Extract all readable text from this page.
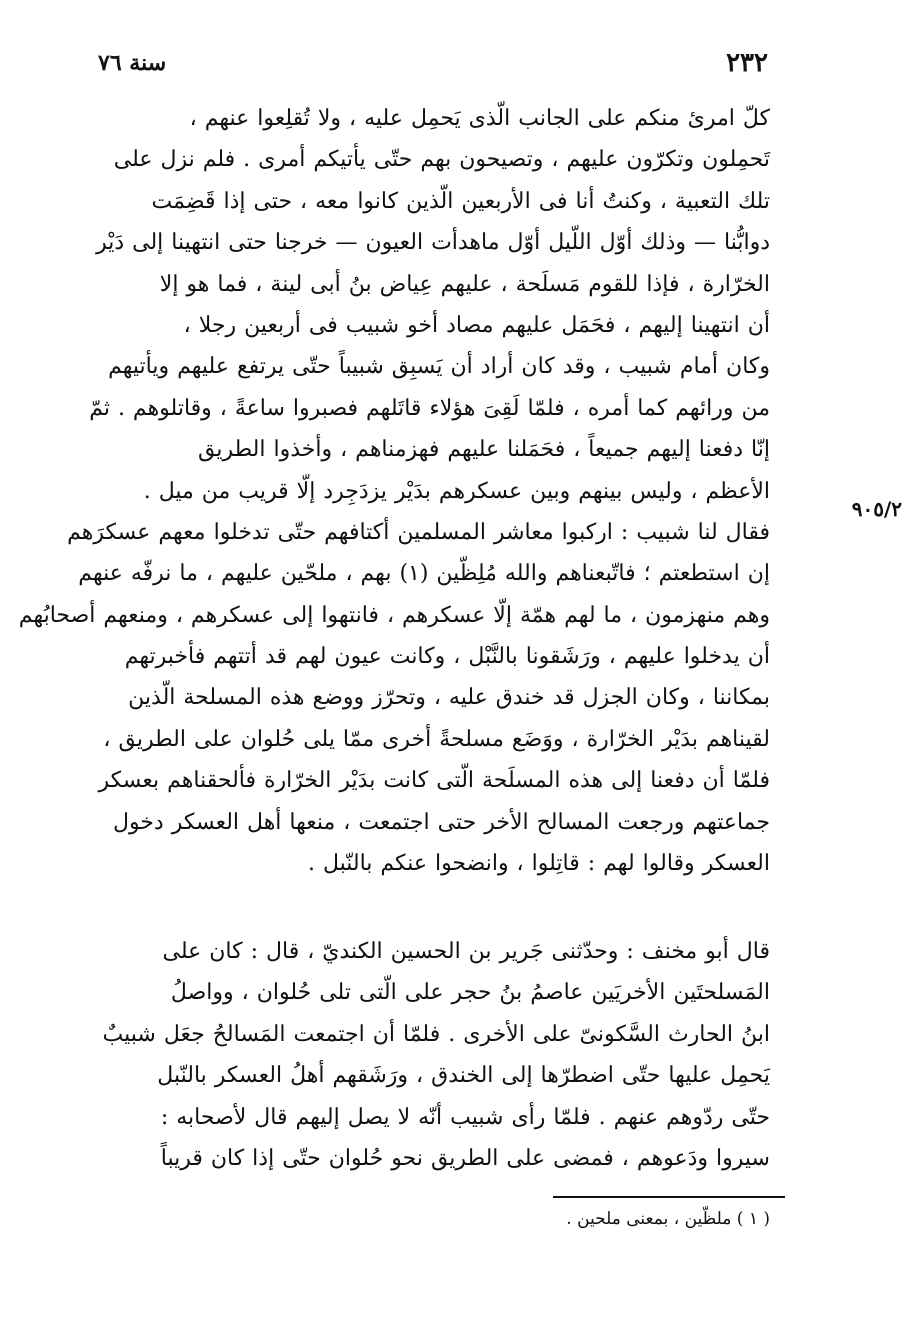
٢٣٢
سنة ٧٦
٩٠٥/٢
كلّ امرئ منكم على الجانب الّذى يَحمِل عليه ، ولا تُقلِعوا عنهم ،
تَحمِلون وتكرّون عليهم ، وتصيحون بهم حتّى يأتيكم أمرى . فلم نزل على
تلك التعبية ، وكنتُ أنا فى الأربعين الّذين كانوا معه ، حتى إذا قَضِمَت
دوابُّنا — وذلك أوّل اللّيل أوّل ماهدأت العيون — خرجنا حتى انتهينا إلى دَيْر
الخرّارة ، فإذا للقوم مَسلَحة ، عليهم عِياض بنُ أبى لينة ، فما هو إلا
أن انتهينا إليهم ، فحَمَل عليهم مصاد أخو شبيب فى أربعين رجلا ،
وكان أمام شبيب ، وقد كان أراد أن يَسبِق شبيباً حتّى يرتفع عليهم ويأتيهم
من ورائهم كما أمره ، فلمّا لَقِىَ هؤلاء قاتَلهم فصبروا ساعةً ، وقاتلوهم . ثمّ
إنّا دفعنا إليهم جميعاً ، فحَمَلنا عليهم فهزمناهم ، وأخذوا الطريق
الأعظم ، وليس بينهم وبين عسكرهم بدَيْر يزدَجِرد إلّا قريب من ميل .
فقال لنا شبيب : اركبوا معاشر المسلمين أكتافهم حتّى تدخلوا معهم عسكرَهم
إن استطعتم ؛ فاتّبعناهم والله مُلِظّين (١) بهم ، ملحّين عليهم ، ما نرفّه عنهم
وهم منهزمون ، ما لهم همّة إلّا عسكرهم ، فانتهوا إلى عسكرهم ، ومنعهم أصحابُهم
أن يدخلوا عليهم ، ورَشَقونا بالنَّبْل ، وكانت عيون لهم قد أتتهم فأخبرتهم
بمكاننا ، وكان الجزل قد خندق عليه ، وتحرّز ووضع هذه المسلحة الّذين
لقيناهم بدَيْر الخرّارة ، ووَضَع مسلحةً أخرى ممّا يلى حُلوان على الطريق ،
فلمّا أن دفعنا إلى هذه المسلَحة الّتى كانت بدَيْر الخرّارة فألحقناهم بعسكر
جماعتهم ورجعت المسالح الأخر حتى اجتمعت ، منعها أهل العسكر دخول
العسكر وقالوا لهم : قاتِلوا ، وانضحوا عنكم بالنّبل .
قال أبو مخنف : وحدّثنى جَرير بن الحسين الكنديّ ، قال : كان على
المَسلحتَين الأخريَين عاصمُ بنُ حجر على الّتى تلى حُلوان ، وواصلُ
ابنُ الحارث السَّكونىّ على الأخرى . فلمّا أن اجتمعت المَسالحُ جعَل شبيبٌ
يَحمِل عليها حتّى اضطرّها إلى الخندق ، ورَشَقهم أهلُ العسكر بالنّبل
حتّى ردّوهم عنهم . فلمّا رأى شبيب أنّه لا يصل إليهم قال لأصحابه :
سيروا ودَعوهم ، فمضى على الطريق نحو حُلوان حتّى إذا كان قريباً
( ١ ) ملظّين ، بمعنى ملحين .
